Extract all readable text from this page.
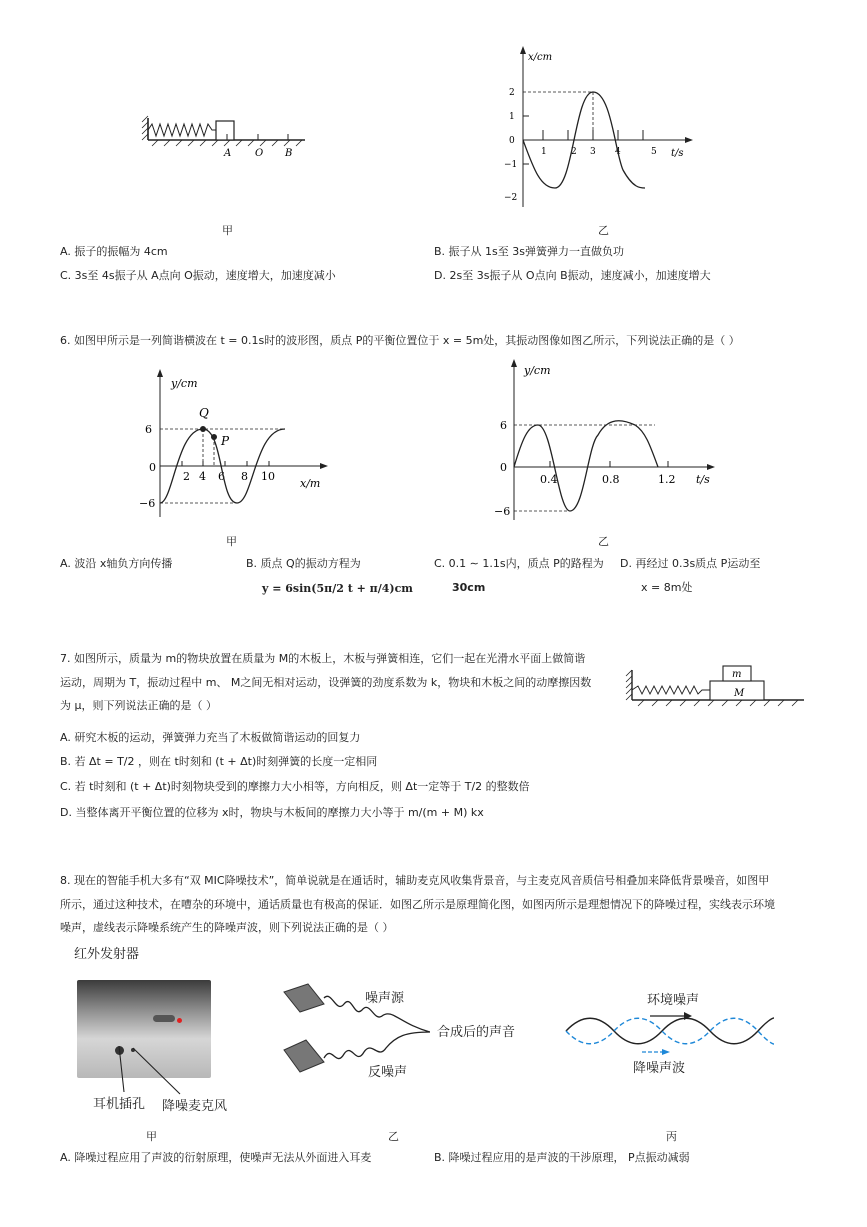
A O B
x/cm
t/s
2
1
0
−1
−2
1	2 3 4	5
甲	乙
A. 振子的振幅为 4cm	B. 振子从 1s至 3s弹簧弹力一直做负功
C. 3s至 4s振子从 A点向 O振动，速度增大，加速度减小	D. 2s至 3s振子从 O点向 B振动，速度减小，加速度增大
6. 如图甲所示是一列简谐横波在 t = 0.1s时的波形图，质点 P的平衡位置位于 x = 5m处，其振动图像如图乙所示，下列说法正确的是（ ）
y/cm
x/m
6
0
−6
2 4 6 8 10
Q
P
y/cm
t/s
6
0
−6
0.4	0.8	1.2
甲	乙
A. 波沿 x轴负方向传播	B. 质点 Q的振动方程为
y = 6sin(5π/2 t + π/4)cm
C. 0.1 ∼ 1.1s内，质点 P的路程为
30cm
D. 再经过 0.3s质点 P运动至
x = 8m处
7. 如图所示，质量为 m的物块放置在质量为 M的木板上，木板与弹簧相连，它们一起在光滑水平面上做简谐
运动，周期为 T，振动过程中 m、 M之间无相对运动，设弹簧的劲度系数为 k，物块和木板之间的动摩擦因数
为 μ，则下列说法正确的是（ ）
m
M
A. 研究木板的运动，弹簧弹力充当了木板做简谐运动的回复力
B. 若 Δt = T/2 ，则在 t时刻和 (t + Δt)时刻弹簧的长度一定相同
C. 若 t时刻和 (t + Δt)时刻物块受到的摩擦力大小相等，方向相反，则 Δt一定等于 T/2 的整数倍
D. 当整体离开平衡位置的位移为 x时，物块与木板间的摩擦力大小等于 m/(m + M) kx
8. 现在的智能手机大多有“双 MIC降噪技术”，简单说就是在通话时，辅助麦克风收集背景音，与主麦克风音质信号相叠加来降低背景噪音，如图甲
所示，通过这种技术，在嘈杂的环境中，通话质量也有极高的保证．如图乙所示是原理简化图，如图丙所示是理想情况下的降噪过程，实线表示环境
噪声，虚线表示降噪系统产生的降噪声波，则下列说法正确的是（ ）
红外发射器
耳机插孔 降噪麦克风
噪声源
合成后的声音
反噪声
环境噪声
降噪声波
甲	乙	丙
A. 降噪过程应用了声波的衍射原理，使噪声无法从外面进入耳麦	B. 降噪过程应用的是声波的干涉原理， P点振动减弱
